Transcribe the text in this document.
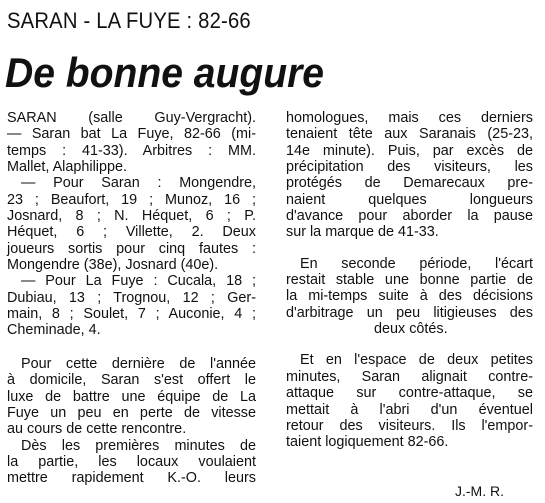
SARAN - LA FUYE : 82-66
De bonne augure
SARAN (salle Guy-Vergracht).
— Saran bat La Fuye, 82-66 (mi-
temps : 41-33). Arbitres : MM.
Mallet, Alaphilippe.
— Pour Saran : Mongendre,
23 ; Beaufort, 19 ; Munoz, 16 ;
Josnard, 8 ; N. Héquet, 6 ; P.
Héquet, 6 ; Villette, 2. Deux
joueurs sortis pour cinq fautes :
Mongendre (38e), Josnard (40e).
— Pour La Fuye : Cucala, 18 ;
Dubiau, 13 ; Trognou, 12 ; Ger-
main, 8 ; Soulet, 7 ; Auconie, 4 ;
Cheminade, 4.
Pour cette dernière de l'année
à domicile, Saran s'est offert le
luxe de battre une équipe de La
Fuye un peu en perte de vitesse
au cours de cette rencontre.
Dès les premières minutes de
la partie, les locaux voulaient
mettre rapidement K.-O. leurs
homologues, mais ces derniers
tenaient tête aux Saranais (25-23,
14e minute). Puis, par excès de
précipitation des visiteurs, les
protégés de Demarecaux pre-
naient quelques longueurs
d'avance pour aborder la pause
sur la marque de 41-33.
En seconde période, l'écart
restait stable une bonne partie de
la mi-temps suite à des décisions
d'arbitrage un peu litigieuses des
deux côtés.
Et en l'espace de deux petites
minutes, Saran alignait contre-
attaque sur contre-attaque, se
mettait à l'abri d'un éventuel
retour des visiteurs. Ils l'empor-
taient logiquement 82-66.
J.-M. R.
